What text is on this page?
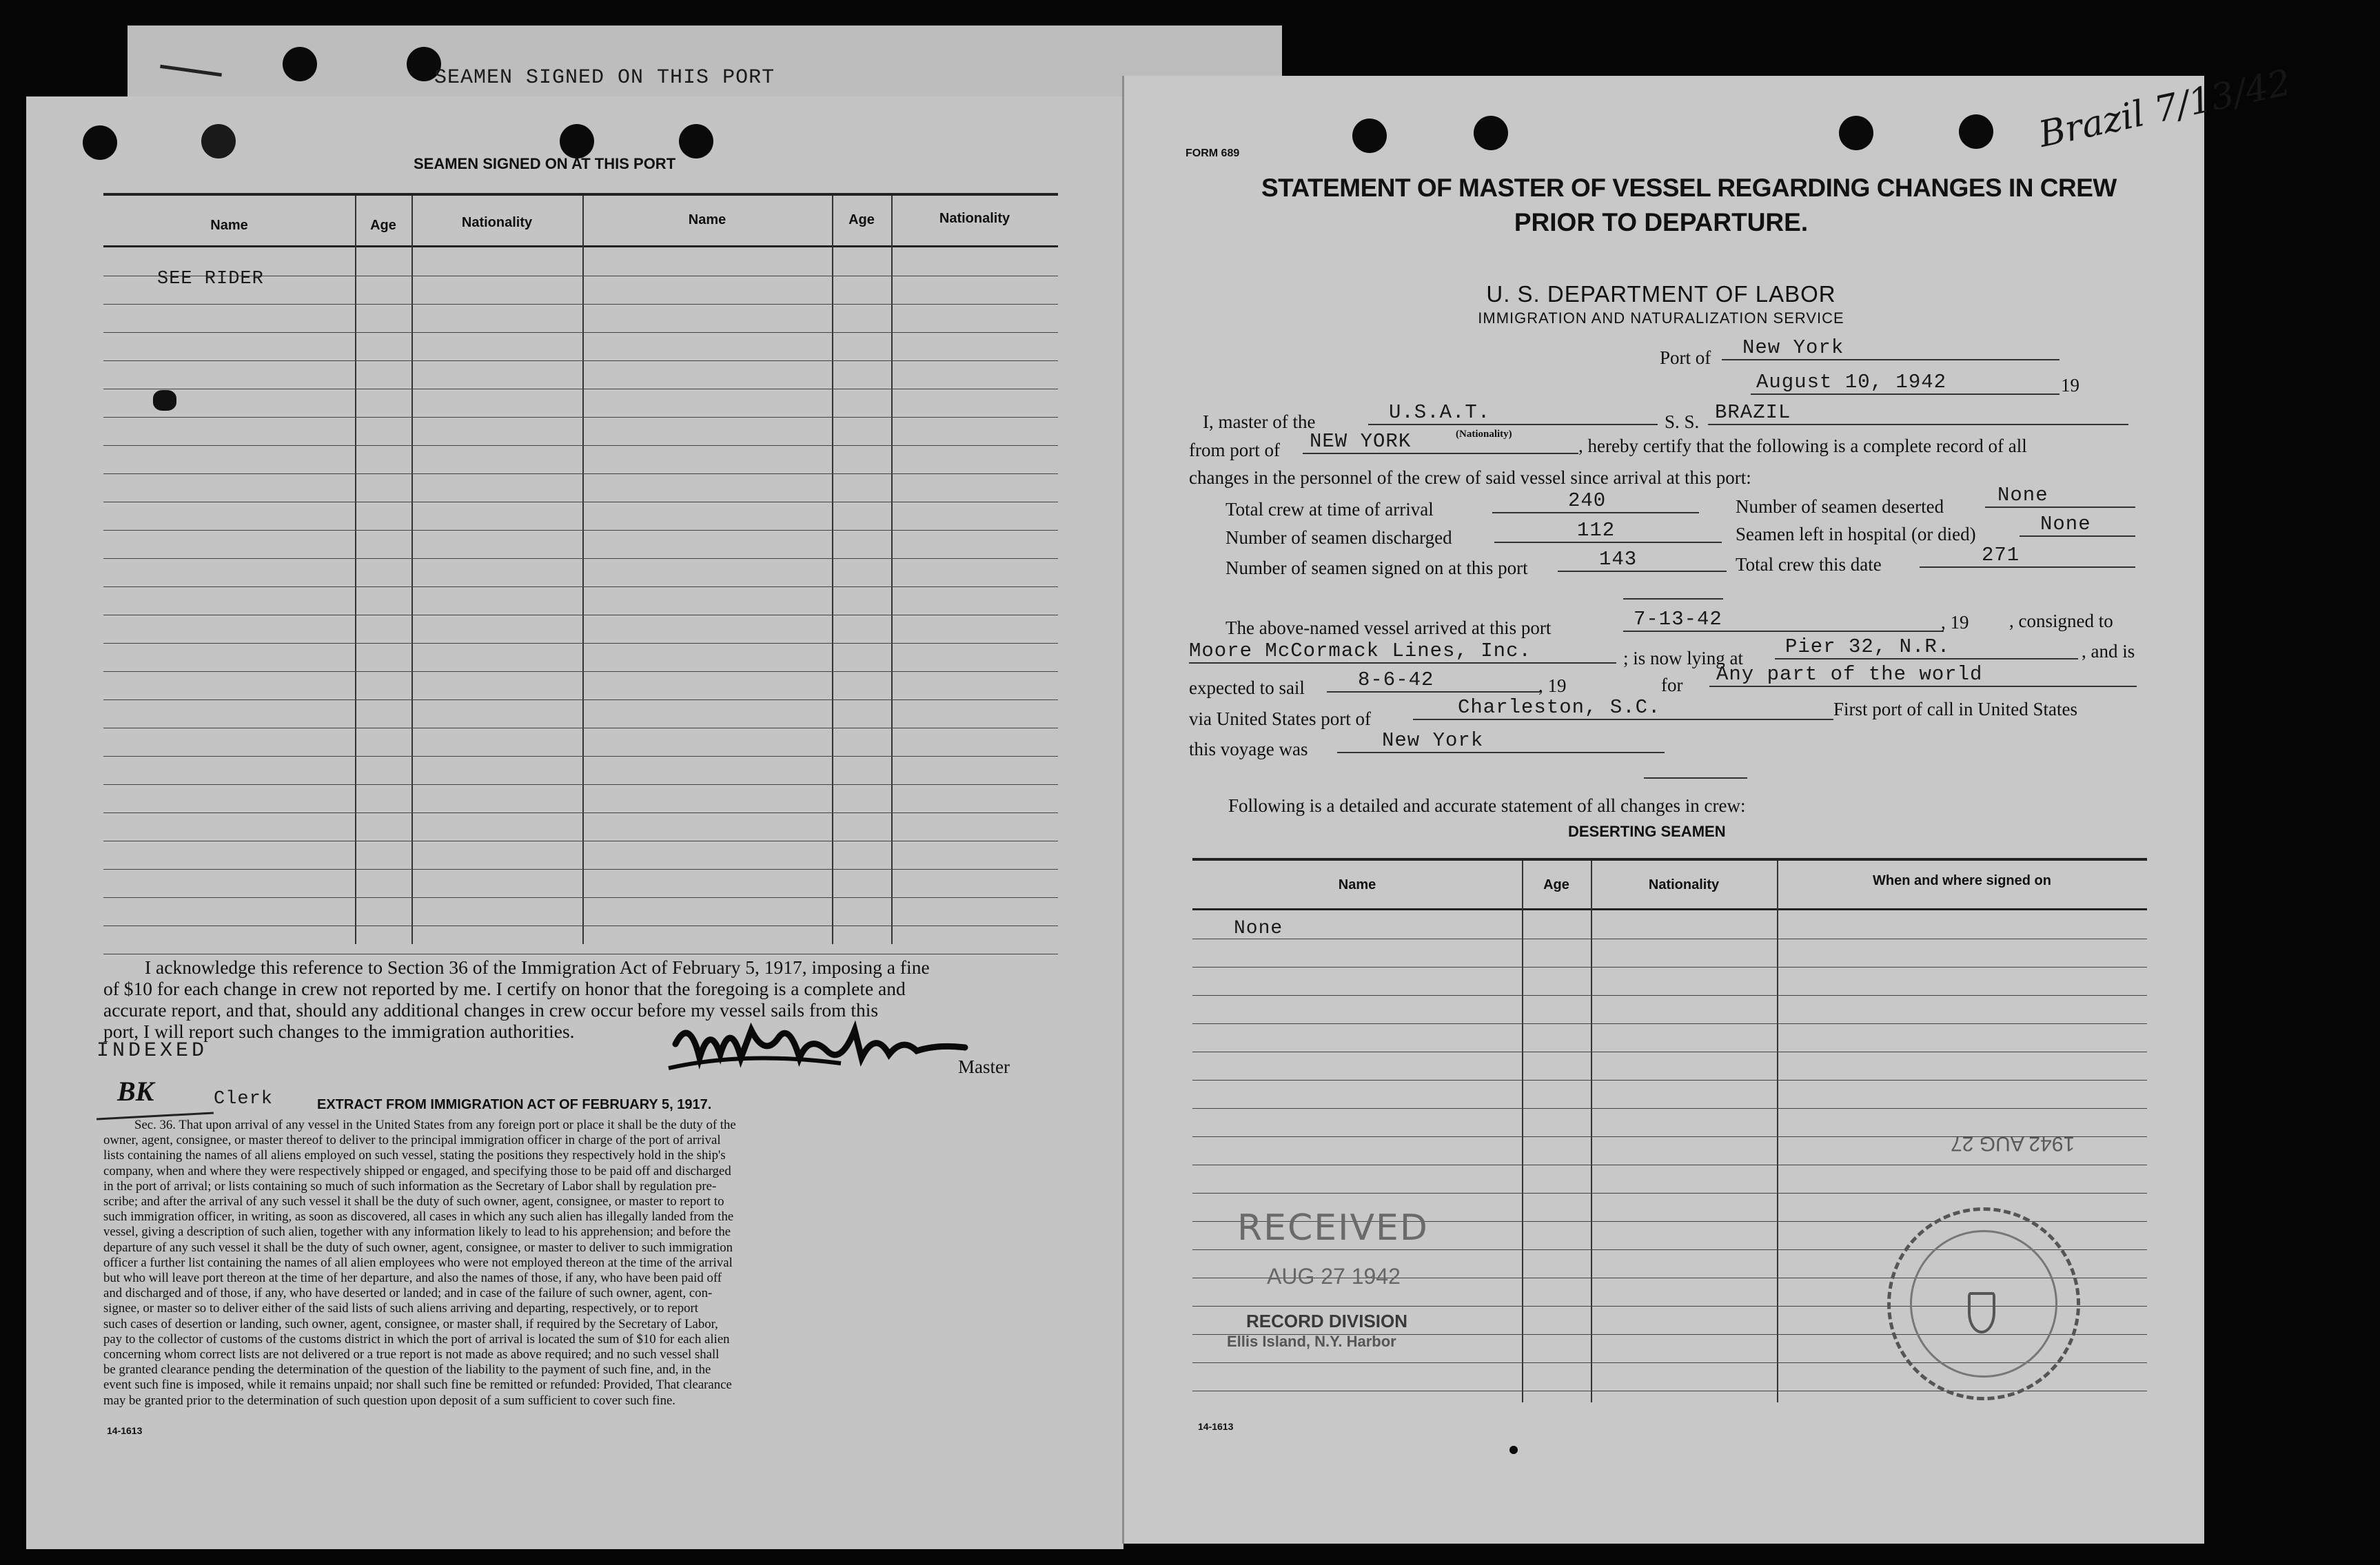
SEAMEN SIGNED ON THIS PORT
SEAMEN SIGNED ON AT THIS PORT
Name	Age	Nationality	Name	Age	Nationality
SEE RIDER
I acknowledge this reference to Section 36 of the Immigration Act of February 5, 1917, imposing a fine
of $10 for each change in crew not reported by me. I certify on honor that the foregoing is a complete and
accurate report, and that, should any additional changes in crew occur before my vessel sails from this
port, I will report such changes to the immigration authorities.
Master
INDEXED
BK	Clerk	EXTRACT FROM IMMIGRATION ACT OF FEBRUARY 5, 1917.
Sec. 36. That upon arrival of any vessel in the United States from any foreign port or place it shall be the duty of the
owner, agent, consignee, or master thereof to deliver to the principal immigration officer in charge of the port of arrival
lists containing the names of all aliens employed on such vessel, stating the positions they respectively hold in the ship's
company, when and where they were respectively shipped or engaged, and specifying those to be paid off and discharged
in the port of arrival; or lists containing so much of such information as the Secretary of Labor shall by regulation pre-
scribe; and after the arrival of any such vessel it shall be the duty of such owner, agent, consignee, or master to report to
such immigration officer, in writing, as soon as discovered, all cases in which any such alien has illegally landed from the
vessel, giving a description of such alien, together with any information likely to lead to his apprehension; and before the
departure of any such vessel it shall be the duty of such owner, agent, consignee, or master to deliver to such immigration
officer a further list containing the names of all alien employees who were not employed thereon at the time of the arrival
but who will leave port thereon at the time of her departure, and also the names of those, if any, who have been paid off
and discharged and of those, if any, who have deserted or landed; and in case of the failure of such owner, agent, con-
signee, or master so to deliver either of the said lists of such aliens arriving and departing, respectively, or to report
such cases of desertion or landing, such owner, agent, consignee, or master shall, if required by the Secretary of Labor,
pay to the collector of customs of the customs district in which the port of arrival is located the sum of $10 for each alien
concerning whom correct lists are not delivered or a true report is not made as above required; and no such vessel shall
be granted clearance pending the determination of the question of the liability to the payment of such fine, and, in the
event such fine is imposed, while it remains unpaid; nor shall such fine be remitted or refunded: Provided, That clearance
may be granted prior to the determination of such question upon deposit of a sum sufficient to cover such fine.
14-1613
FORM 689	Brazil 7/13/42
STATEMENT OF MASTER OF VESSEL REGARDING CHANGES IN CREW
PRIOR TO DEPARTURE.
U. S. DEPARTMENT OF LABOR
IMMIGRATION AND NATURALIZATION SERVICE
Port of	New York
August 10, 1942	19
I, master of the	U.S.A.T.	S. S. BRAZIL
from port of	NEW YORK	(Nationality)
, hereby certify that the following is a complete record of all
changes in the personnel of the crew of said vessel since arrival at this port:
Total crew at time of arrival	240	Number of seamen deserted	None
Number of seamen discharged	112	Seamen left in hospital (or died)	None
Number of seamen signed on at this port	143	Total crew this date	271
The above-named vessel arrived at this port	7-13-42	, 19 , consigned to
Moore McCormack Lines, Inc.	; is now lying at	Pier 32, N.R.	, and is
expected to sail	8-6-42	, 19	for	Any part of the world
via United States port of	Charleston, S.C.	First port of call in United States
this voyage was	New York
Following is a detailed and accurate statement of all changes in crew:
DESERTING SEAMEN
Name	Age	Nationality	When and where signed on
None
RECEIVED
AUG 27 1942
RECORD DIVISION
Ellis Island, N.Y. Harbor
1942 AUG 27
14-1613
